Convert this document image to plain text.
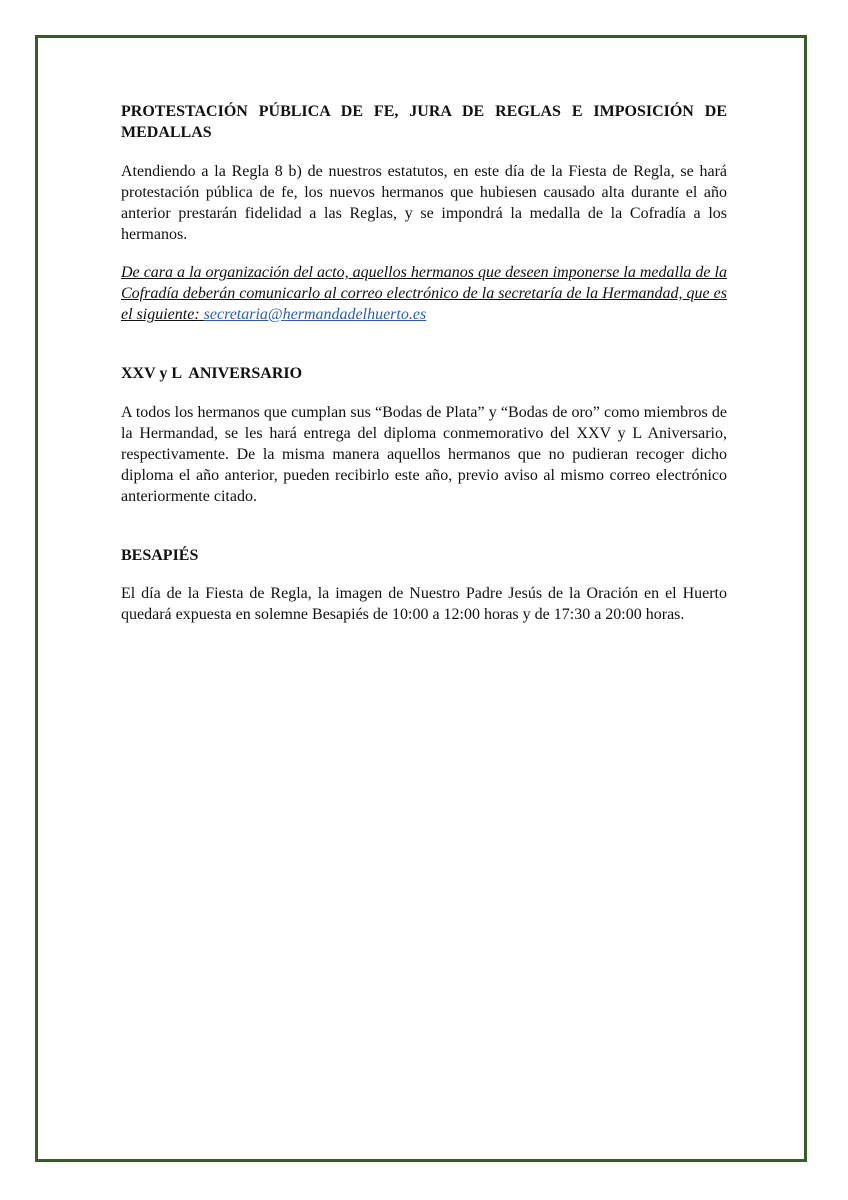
PROTESTACIÓN PÚBLICA DE FE, JURA DE REGLAS E IMPOSICIÓN DE MEDALLAS

Atendiendo a la Regla 8 b) de nuestros estatutos, en este día de la Fiesta de Regla, se hará protestación pública de fe, los nuevos hermanos que hubiesen causado alta durante el año anterior prestarán fidelidad a las Reglas, y se impondrá la medalla de la Cofradía a los hermanos.

De cara a la organización del acto, aquellos hermanos que deseen imponerse la medalla de la Cofradía deberán comunicarlo al correo electrónico de la secretaría de la Hermandad, que es el siguiente: secretaria@hermandadelhuerto.es

XXV y L  ANIVERSARIO

A todos los hermanos que cumplan sus “Bodas de Plata” y “Bodas de oro” como miembros de la Hermandad, se les hará entrega del diploma conmemorativo del XXV y L Aniversario, respectivamente. De la misma manera aquellos hermanos que no pudieran recoger dicho diploma el año anterior, pueden recibirlo este año, previo aviso al mismo correo electrónico anteriormente citado.

BESAPIÉS

El día de la Fiesta de Regla, la imagen de Nuestro Padre Jesús de la Oración en el Huerto quedará expuesta en solemne Besapiés de 10:00 a 12:00 horas y de 17:30 a 20:00 horas.
